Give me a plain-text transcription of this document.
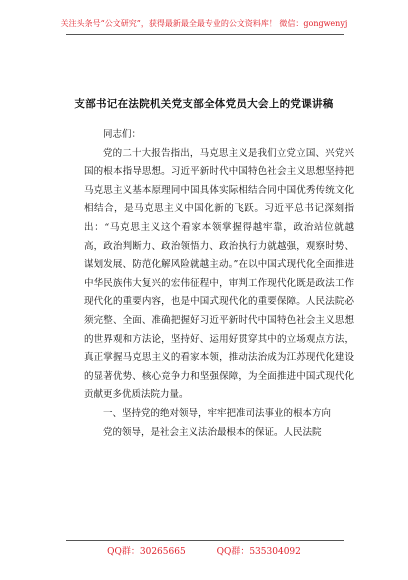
关注头条号“公文研究”，获得最新最全最专业的公文资料库！ 微信：gongwenyj
支部书记在法院机关党支部全体党员大会上的党课讲稿

同志们：

党的二十大报告指出，马克思主义是我们立党立国、兴党兴国的根本指导思想。习近平新时代中国特色社会主义思想坚持把马克思主义基本原理同中国具体实际相结合同中国优秀传统文化相结合，是马克思主义中国化新的飞跃。习近平总书记深刻指出：“马克思主义这个看家本领掌握得越牢靠，政治站位就越高，政治判断力、政治领悟力、政治执行力就越强，观察时势、谋划发展、防范化解风险就越主动。”在以中国式现代化全面推进中华民族伟大复兴的宏伟征程中，审判工作现代化既是政法工作现代化的重要内容，也是中国式现代化的重要保障。人民法院必须完整、全面、准确把握好习近平新时代中国特色社会主义思想的世界观和方法论，坚持好、运用好贯穿其中的立场观点方法，真正掌握马克思主义的看家本领，推动法治成为江苏现代化建设的显著优势、核心竞争力和坚强保障，为全面推进中国式现代化贡献更多优质法院力量。

一、坚持党的绝对领导，牢牢把准司法事业的根本方向

党的领导，是社会主义法治最根本的保证。人民法院

QQ群：30265665	QQ群：535304092
